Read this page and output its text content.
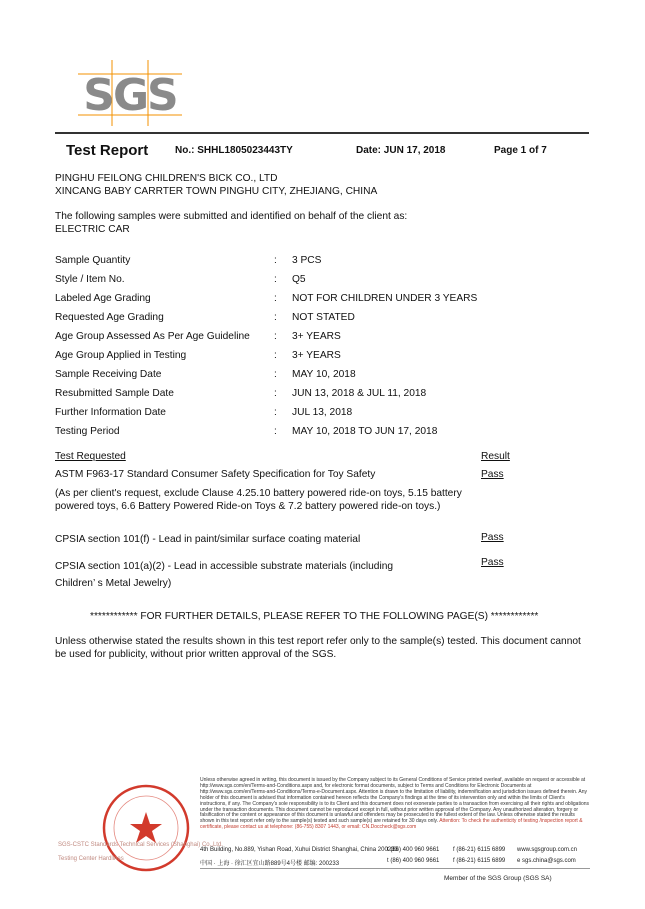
SGS
Test Report	No.: SHHL1805023443TY	Date: JUN 17, 2018	Page 1 of 7
PINGHU FEILONG CHILDREN'S BICK CO., LTD
XINCANG BABY CARRTER TOWN PINGHU CITY, ZHEJIANG, CHINA
The following samples were submitted and identified on behalf of the client as:
ELECTRIC CAR
Sample Quantity	: 3 PCS
Style / Item No.	: Q5
Labeled Age Grading	: NOT FOR CHILDREN UNDER 3 YEARS
Requested Age Grading	: NOT STATED
Age Group Assessed As Per Age Guideline : 3+ YEARS
Age Group Applied in Testing	: 3+ YEARS
Sample Receiving Date	: MAY 10, 2018
Resubmitted Sample Date	: JUN 13, 2018 & JUL 11, 2018
Further Information Date	: JUL 13, 2018
Testing Period	: MAY 10, 2018 TO JUN 17, 2018
Test Requested	Result
ASTM F963-17 Standard Consumer Safety Specification for Toy Safety	Pass
(As per client's request, exclude Clause 4.25.10 battery powered ride-on toys, 5.15 battery powered toys, 6.6 Battery Powered Ride-on Toys & 7.2 battery powered ride-on toys.)
CPSIA section 101(f) - Lead in paint/similar surface coating material	Pass
CPSIA section 101(a)(2) - Lead in accessible substrate materials (including
Children’ s Metal Jewelry)
Pass
************ FOR FURTHER DETAILS, PLEASE REFER TO THE FOLLOWING PAGE(S) ************
Unless otherwise stated the results shown in this test report refer only to the sample(s) tested. This document cannot be used for publicity, without prior written approval of the SGS.
SGS-CSTC Standards Technical Services (Shanghai) Co.,Ltd.
Testing Center Hardlines
Unless otherwise agreed in writing, this document is issued by the Company subject to its General Conditions of Service printed overleaf, available on request or accessible at http://www.sgs.com/en/Terms-and-Conditions.aspx and, for electronic format documents, subject to Terms and Conditions for Electronic Documents at http://www.sgs.com/en/Terms-and-Conditions/Terms-e-Document.aspx. Attention is drawn to the limitation of liability, indemnification and jurisdiction issues defined therein. Any holder of this document is advised that information contained hereon reflects the Company's findings at the time of its intervention only and within the limits of Client's instructions, if any. The Company's sole responsibility is to its Client and this document does not exonerate parties to a transaction from exercising all their rights and obligations under the transaction documents. This document cannot be reproduced except in full, without prior written approval of the Company. Any unauthorized alteration, forgery or falsification of the content or appearance of this document is unlawful and offenders may be prosecuted to the fullest extent of the law. Unless otherwise stated the results shown in this test report refer only to the sample(s) tested and such sample(s) are retained for 30 days only. Attention: To check the authenticity of testing /inspection report & certificate, please contact us at telephone: (86-755) 8307 1443, or email: CN.Doccheck@sgs.com
4th Building, No.889, Yishan Road, Xuhui District Shanghai, China 200233
t (86) 400 960 9661 f (86-21) 6115 6899 www.sgsgroup.com.cn
中国 · 上海 · 徐汇区宜山路889号4号楼 邮编: 200233	t (86) 400 960 9661 f (86-21) 6115 6899 e sgs.china@sgs.com
Member of the SGS Group (SGS SA)
